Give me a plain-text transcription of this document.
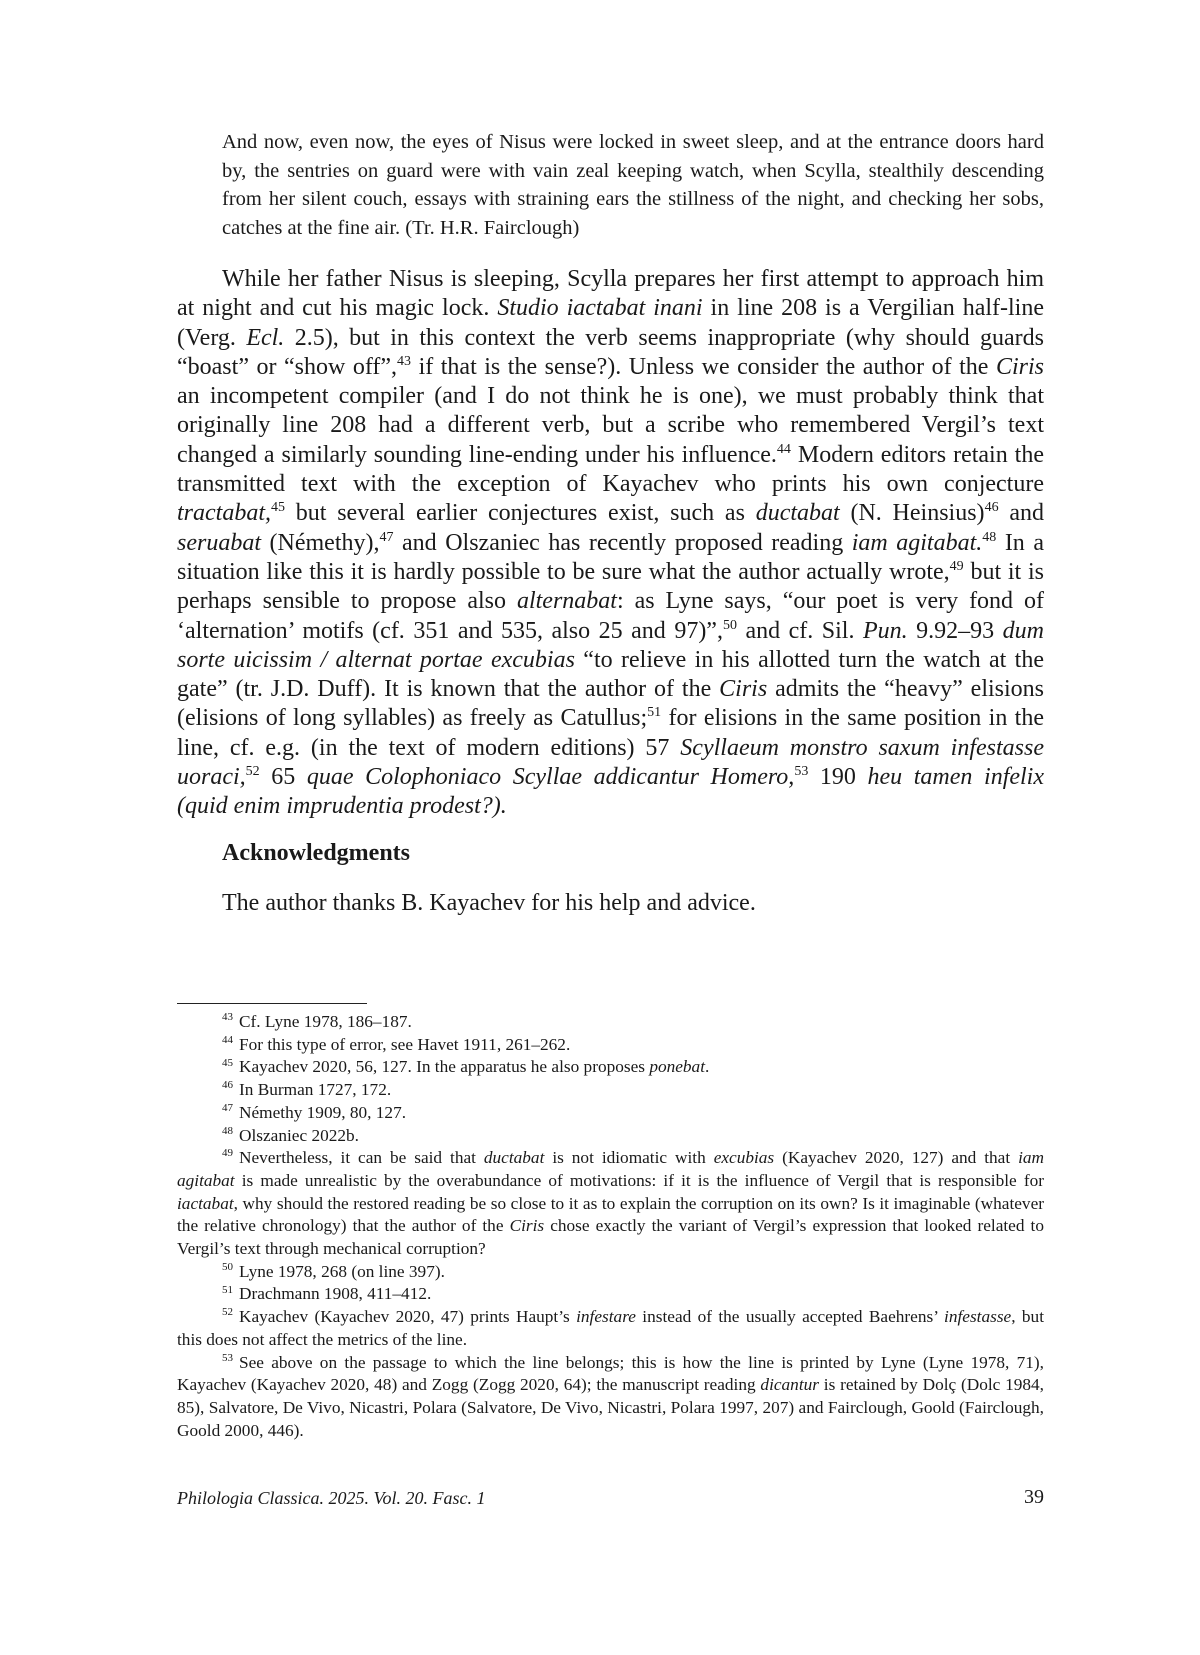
And now, even now, the eyes of Nisus were locked in sweet sleep, and at the entrance doors hard by, the sentries on guard were with vain zeal keeping watch, when Scylla, stealthily descending from her silent couch, essays with straining ears the stillness of the night, and checking her sobs, catches at the fine air. (Tr. H.R. Fairclough)

While her father Nisus is sleeping, Scylla prepares her first attempt to approach him at night and cut his magic lock. Studio iactabat inani in line 208 is a Vergilian half-line (Verg. Ecl. 2.5), but in this context the verb seems inappropriate (why should guards “boast” or “show off”,$^{43}$ if that is the sense?). Unless we consider the author of the Ciris an incompetent compiler (and I do not think he is one), we must probably think that originally line 208 had a different verb, but a scribe who remembered Vergil’s text changed a similarly sounding line-ending under his influence.$^{44}$ Modern editors retain the transmitted text with the exception of Kayachev who prints his own conjecture tractabat,$^{45}$ but several earlier conjectures exist, such as ductabat (N. Heinsius)$^{46}$ and seruabat (Némethy),$^{47}$ and Olszaniec has recently proposed reading iam agitabat.$^{48}$ In a situation like this it is hardly possible to be sure what the author actually wrote,$^{49}$ but it is perhaps sensible to propose also alternabat: as Lyne says, “our poet is very fond of ‘alternation’ motifs (cf. 351 and 535, also 25 and 97)”,$^{50}$ and cf. Sil. Pun. 9.92–93 dum sorte uicissim / alternat portae excubias “to relieve in his allotted turn the watch at the gate” (tr. J.D. Duff). It is known that the author of the Ciris admits the “heavy” elisions (elisions of long syllables) as freely as Catullus;$^{51}$ for elisions in the same position in the line, cf. e.g. (in the text of modern editions) 57 Scyllaeum monstro saxum infestasse uoraci,$^{52}$ 65 quae Colophoniaco Scyllae addicantur Homero,$^{53}$ 190 heu tamen infelix (quid enim imprudentia prodest?).

Acknowledgments

The author thanks B. Kayachev for his help and advice.

$^{43}$ Cf. Lyne 1978, 186–187.

$^{44}$ For this type of error, see Havet 1911, 261–262.

$^{45}$ Kayachev 2020, 56, 127. In the apparatus he also proposes ponebat.

$^{46}$ In Burman 1727, 172.

$^{47}$ Némethy 1909, 80, 127.

$^{48}$ Olszaniec 2022b.

$^{49}$ Nevertheless, it can be said that ductabat is not idiomatic with excubias (Kayachev 2020, 127) and that iam agitabat is made unrealistic by the overabundance of motivations: if it is the influence of Vergil that is responsible for iactabat, why should the restored reading be so close to it as to explain the corruption on its own? Is it imaginable (whatever the relative chronology) that the author of the Ciris chose exactly the variant of Vergil’s expression that looked related to Vergil’s text through mechanical corruption?

$^{50}$ Lyne 1978, 268 (on line 397).

$^{51}$ Drachmann 1908, 411–412.

$^{52}$ Kayachev (Kayachev 2020, 47) prints Haupt’s infestare instead of the usually accepted Baehrens’ infestasse, but this does not affect the metrics of the line.

$^{53}$ See above on the passage to which the line belongs; this is how the line is printed by Lyne (Lyne 1978, 71), Kayachev (Kayachev 2020, 48) and Zogg (Zogg 2020, 64); the manuscript reading dicantur is retained by Dolç (Dolc 1984, 85), Salvatore, De Vivo, Nicastri, Polara (Salvatore, De Vivo, Nicastri, Polara 1997, 207) and Fairclough, Goold (Fairclough, Goold 2000, 446).

Philologia Classica. 2025. Vol. 20. Fasc. 1	39
